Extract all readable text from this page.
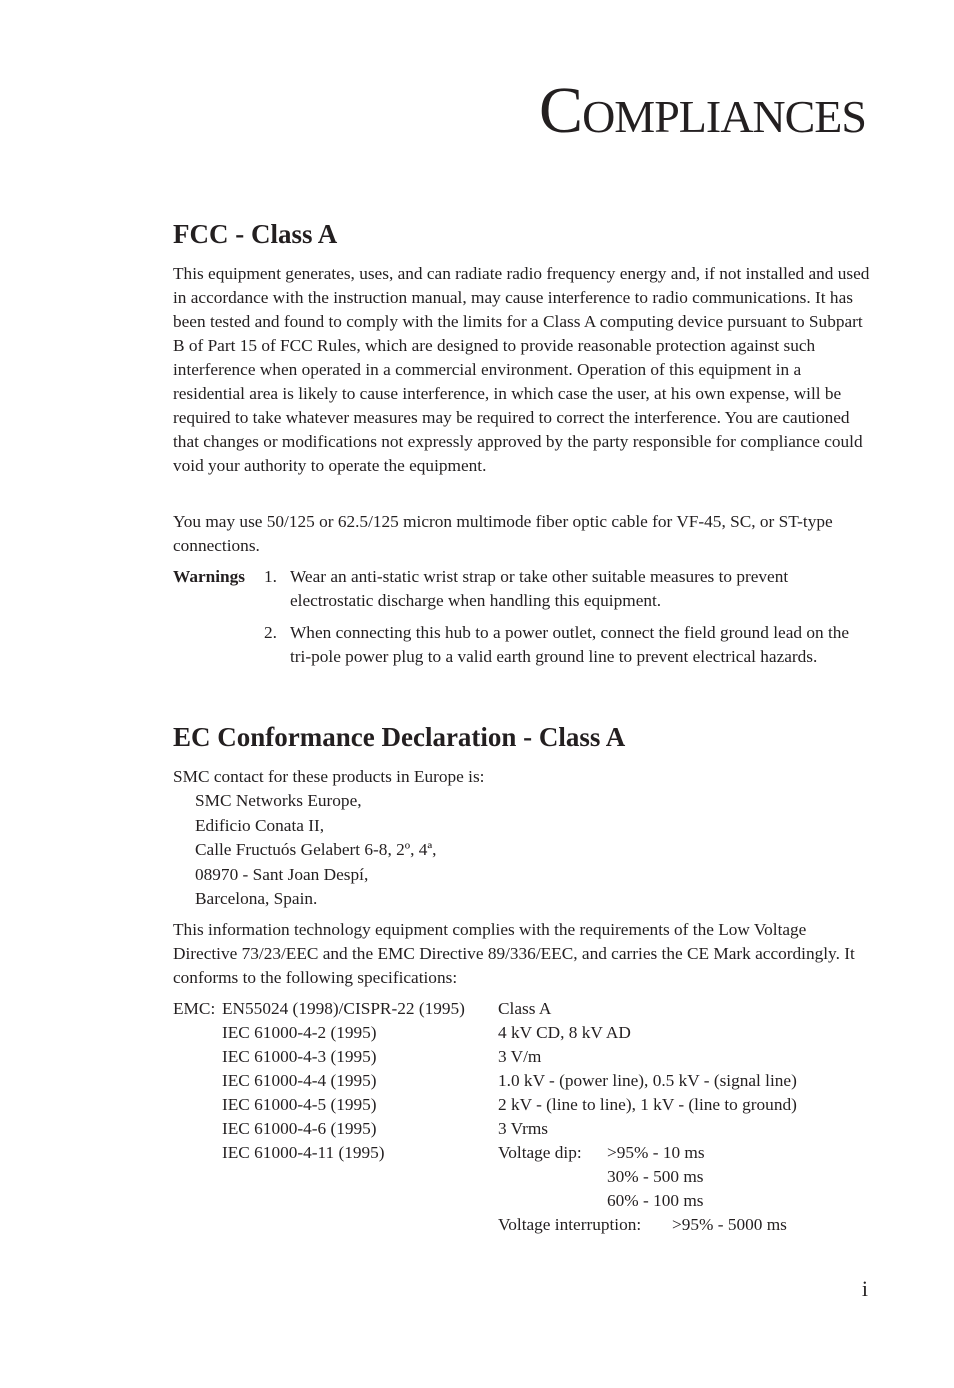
Compliances
FCC - Class A

This equipment generates, uses, and can radiate radio frequency energy and, if not installed and used in accordance with the instruction manual, may cause interference to radio communications. It has been tested and found to comply with the limits for a Class A computing device pursuant to Subpart B of Part 15 of FCC Rules, which are designed to provide reasonable protection against such interference when operated in a commercial environment. Operation of this equipment in a residential area is likely to cause interference, in which case the user, at his own expense, will be required to take whatever measures may be required to correct the interference. You are cautioned that changes or modifications not expressly approved by the party responsible for compliance could void your authority to operate the equipment.

You may use 50/125 or 62.5/125 micron multimode fiber optic cable for VF-45, SC, or ST-type connections.

Warnings 1. Wear an anti-static wrist strap or take other suitable measures to prevent electrostatic discharge when handling this equipment.
2. When connecting this hub to a power outlet, connect the field ground lead on the tri-pole power plug to a valid earth ground line to prevent electrical hazards.
EC Conformance Declaration - Class A

SMC contact for these products in Europe is:

SMC Networks Europe,
Edificio Conata II,
Calle Fructuós Gelabert 6-8, 2º, 4ª,
08970 - Sant Joan Despí,
Barcelona, Spain.

This information technology equipment complies with the requirements of the Low Voltage Directive 73/23/EEC and the EMC Directive 89/336/EEC, and carries the CE Mark accordingly. It conforms to the following specifications:

EMC: EN55024 (1998)/CISPR-22 (1995) Class A
IEC 61000-4-2 (1995)	4 kV CD, 8 kV AD
IEC 61000-4-3 (1995)	3 V/m
IEC 61000-4-4 (1995)	1.0 kV - (power line), 0.5 kV - (signal line)
IEC 61000-4-5 (1995)	2 kV - (line to line), 1 kV - (line to ground)
IEC 61000-4-6 (1995)	3 Vrms
IEC 61000-4-11 (1995)	Voltage dip: >95% - 10 ms
30% - 500 ms
60% - 100 ms
Voltage interruption: >95% - 5000 ms
i
